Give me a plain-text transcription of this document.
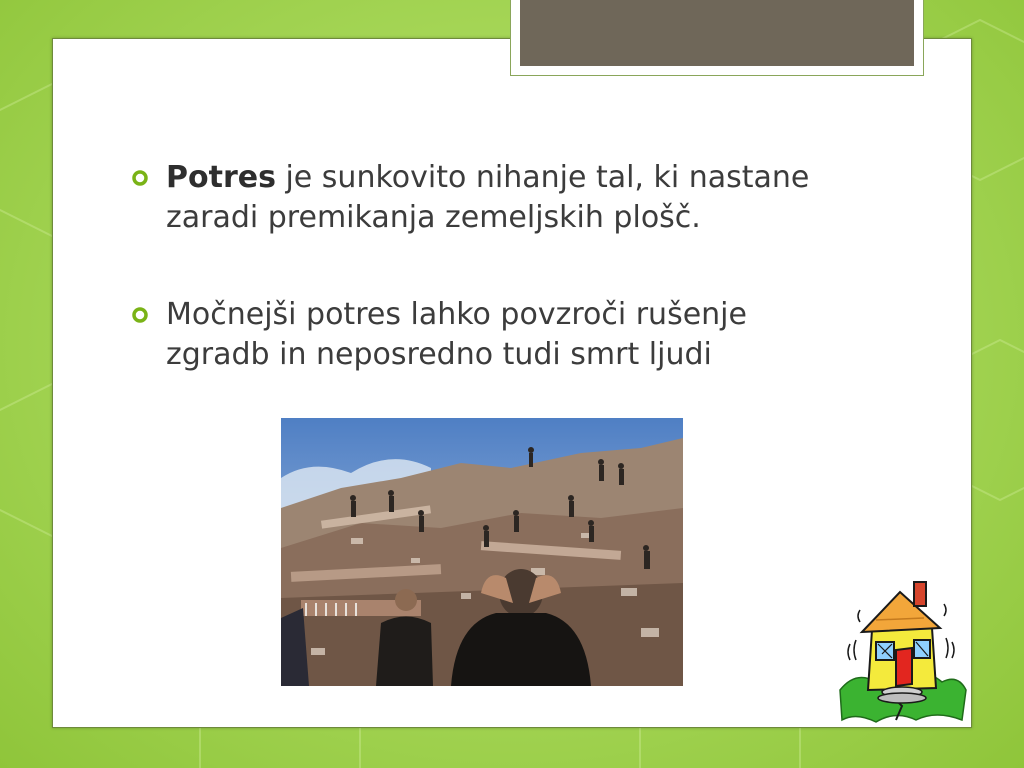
Potres je sunkovito nihanje tal, ki nastane zaradi premikanja zemeljskih plošč.
Močnejši potres lahko povzroči rušenje zgradb in neposredno tudi smrt ljudi
